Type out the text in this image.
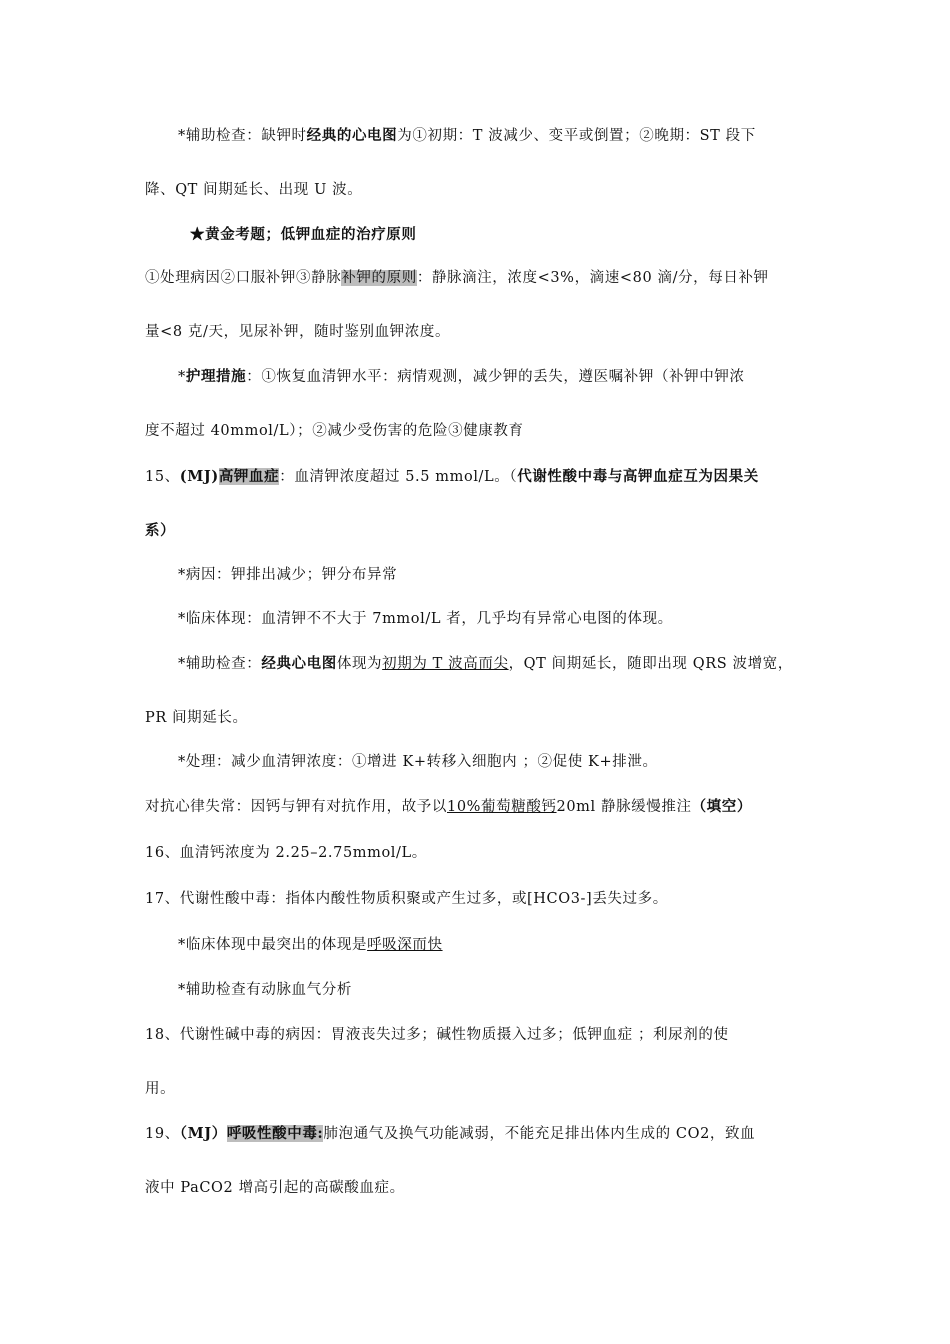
*辅助检查：缺钾时经典的心电图为①初期：T 波减少、变平或倒置；②晚期：ST 段下
降、QT 间期延长、出现 U 波。
★黄金考题；低钾血症的治疗原则
①处理病因②口服补钾③静脉补钾的原则：静脉滴注，浓度<3%，滴速<80 滴/分，每日补钾
量<8 克/天，见尿补钾，随时鉴别血钾浓度。
*护理措施：①恢复血清钾水平：病情观测，减少钾的丢失，遵医嘱补钾（补钾中钾浓
度不超过 40mmol/L）；②减少受伤害的危险③健康教育
15、(MJ)高钾血症：血清钾浓度超过 5.5 mmol/L。（代谢性酸中毒与高钾血症互为因果关
系）
*病因：钾排出减少；钾分布异常
*临床体现：血清钾不不大于 7mmol/L 者，几乎均有异常心电图的体现。
*辅助检查：经典心电图体现为初期为 T 波高而尖，QT 间期延长，随即出现 QRS 波增宽，
PR 间期延长。
*处理：减少血清钾浓度：①增进 K+转移入细胞内 ；②促使 K+排泄。
对抗心律失常：因钙与钾有对抗作用，故予以10%葡萄糖酸钙20ml 静脉缓慢推注（填空）
16、血清钙浓度为 2.25–2.75mmol/L。
17、代谢性酸中毒：指体内酸性物质积聚或产生过多，或[HCO3-]丢失过多。
*临床体现中最突出的体现是呼吸深而快
*辅助检查有动脉血气分析
18、代谢性碱中毒的病因：胃液丧失过多；碱性物质摄入过多；低钾血症 ；利尿剂的使
用。
19、（MJ）呼吸性酸中毒:肺泡通气及换气功能减弱，不能充足排出体内生成的 CO2，致血
液中 PaCO2 增高引起的高碳酸血症。
